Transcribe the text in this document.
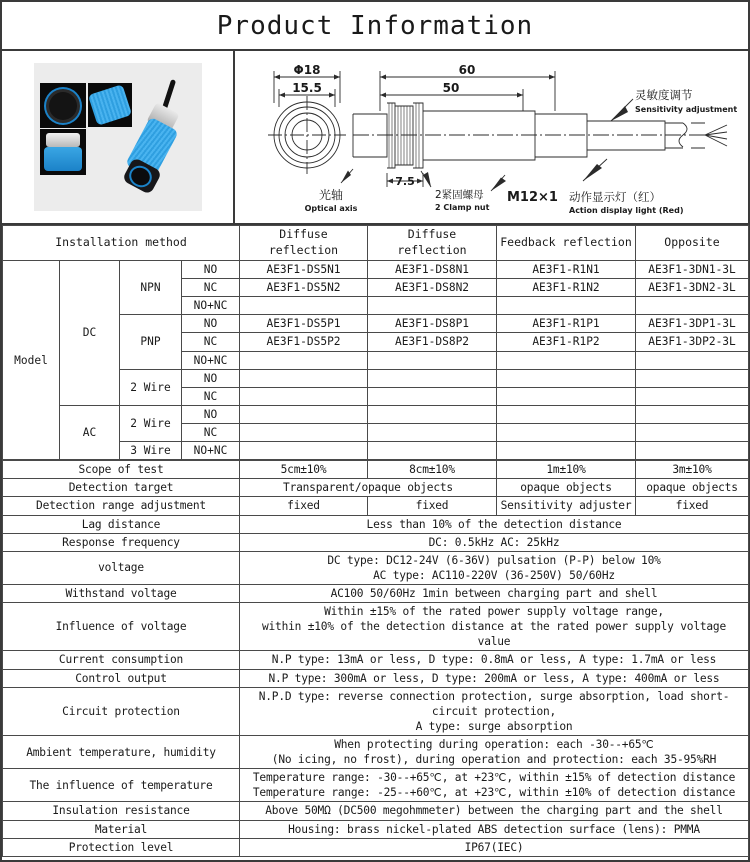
Product Information
Φ18
15.5
60
50
7.5
光轴
Optical axis
2紧固螺母
2 Clamp nut
M12×1
灵敏度调节
Sensitivity adjustment
动作显示灯（红）
Action display light (Red)
Installation method				Diffuse reflection	Diffuse reflection	Feedback reflection	Opposite
Model	DC	NPN	NO	AE3F1-DS5N1	AE3F1-DS8N1	AE3F1-R1N1	AE3F1-3DN1-3L
			NC	AE3F1-DS5N2	AE3F1-DS8N2	AE3F1-R1N2	AE3F1-3DN2-3L
			NO+NC				
		PNP	NO	AE3F1-DS5P1	AE3F1-DS8P1	AE3F1-R1P1	AE3F1-3DP1-3L
			NC	AE3F1-DS5P2	AE3F1-DS8P2	AE3F1-R1P2	AE3F1-3DP2-3L
			NO+NC				
		2 Wire	NO				
			NC				
	AC	2 Wire	NO				
			NC				
		3 Wire	NO+NC				
Scope of test	5cm±10%	8cm±10%	1m±10%	3m±10%
Detection target	Transparent/opaque objects		opaque objects	opaque objects
Detection range adjustment	fixed	fixed	Sensitivity adjuster	fixed
Lag distance	Less than 10% of the detection distance			
Response frequency	DC: 0.5kHz AC: 25kHz			
voltage	DC type: DC12-24V (6-36V) pulsation (P-P) below 10%
AC type: AC110-220V (36-250V) 50/60Hz			
Withstand voltage	AC100 50/60Hz 1min between charging part and shell			
Influence of voltage	Within ±15% of the rated power supply voltage range,
within ±10% of the detection distance at the rated power supply voltage
value			
Current consumption	N.P type: 13mA or less, D type: 0.8mA or less, A type: 1.7mA or less			
Control output	N.P type: 300mA or less, D type: 200mA or less, A type: 400mA or less			
Circuit protection	N.P.D type: reverse connection protection, surge absorption, load short-circuit protection,
A type: surge absorption			
Ambient temperature, humidity	When protecting during operation: each -30--+65℃
(No icing, no frost), during operation and protection: each 35-95%RH			
The influence of temperature	Temperature range: -30--+65℃, at +23℃, within ±15% of detection distance
Temperature range: -25--+60℃, at +23℃, within ±10% of detection distance			
Insulation resistance	Above 50MΩ (DC500 megohmmeter) between the charging part and the shell			
Material	Housing: brass nickel-plated ABS detection surface (lens): PMMA			
Protection level	IP67(IEC)			
